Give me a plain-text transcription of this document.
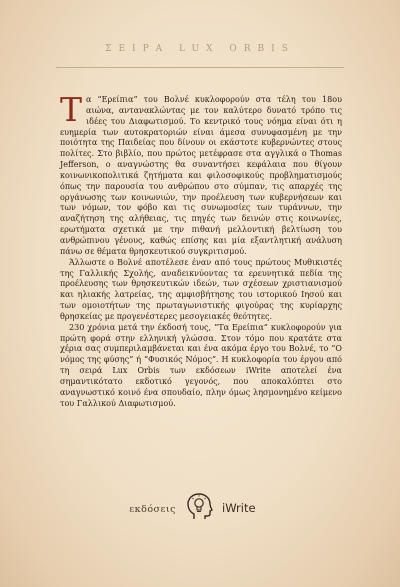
ΣΕΙΡΑ LUX ORBIS

Τα “Ερείπια” του Βολνέ κυκλοφορούν στα τέλη του 18ου αιώνα, αντανακλώντας με τον καλύτερο δυνατό τρόπο τις ιδέες του Διαφωτισμού. Το κεντρικό τους νόημα είναι ότι η ευημερία των αυτοκρατοριών είναι άμεσα συνυφασμένη με την ποιότητα της Παιδείας που δίνουν οι εκάστοτε κυβερνώντες στους πολίτες. Στο βιβλίο, που πρώτος μετέφρασε στα αγγλικά ο Thomas Jefferson, ο αναγνώστης θα συναντήσει κεφάλαια που θίγουν κοινωνικοπολιτικά ζητήματα και φιλοσοφικούς προβληματισμούς όπως την παρουσία του ανθρώπου στο σύμπαν, τις απαρχές της οργάνωσης των κοινωνιών, την προέλευση των κυβερνήσεων και των νόμων, τον φόβο και τις συνωμοσίες των τυράννων, την αναζήτηση της αλήθειας, τις πηγές των δεινών στις κοινωνίες, ερωτήματα σχετικά με την πιθανή μελλοντική βελτίωση του ανθρώπινου γένους, καθώς επίσης και μία εξαντλητική ανάλυση πάνω σε θέματα θρησκευτικού συγκριτισμού.

Άλλωστε ο Βολνέ αποτέλεσε έναν από τους πρώτους Μυθικιστές της Γαλλικής Σχολής, αναδεικνύοντας τα ερευνητικά πεδία της προέλευσης των θρησκευτικών ιδεών, των σχέσεων χριστιανισμού και ηλιακής λατρείας, της αμφισβήτησης του ιστορικού Ιησού και των ομοιοτήτων της πρωταγωνιστικής φιγούρας της κυρίαρχης θρησκείας με προγενέστερες μεσογειακές θεότητες.

230 χρόνια μετά την έκδοσή τους, “Τα Ερείπια” κυκλοφορούν για πρώτη φορά στην ελληνική γλώσσα. Στον τόμο που κρατάτε στα χέρια σας συμπεριλαμβάνεται και ένα ακόμα έργο του Βολνέ, το “Ο νόμος της φύσης” ή “Φυσικός Νόμος”. Η κυκλοφορία του έργου από τη σειρά Lux Orbis των εκδόσεων iWrite αποτελεί ένα σημαντικότατο εκδοτικό γεγονός, που αποκαλύπτει στο αναγνωστικό κοινό ένα σπουδαίο, πλην όμως λησμονημένο κείμενο του Γαλλικού Διαφωτισμού.

εκδόσεις	iWrite
